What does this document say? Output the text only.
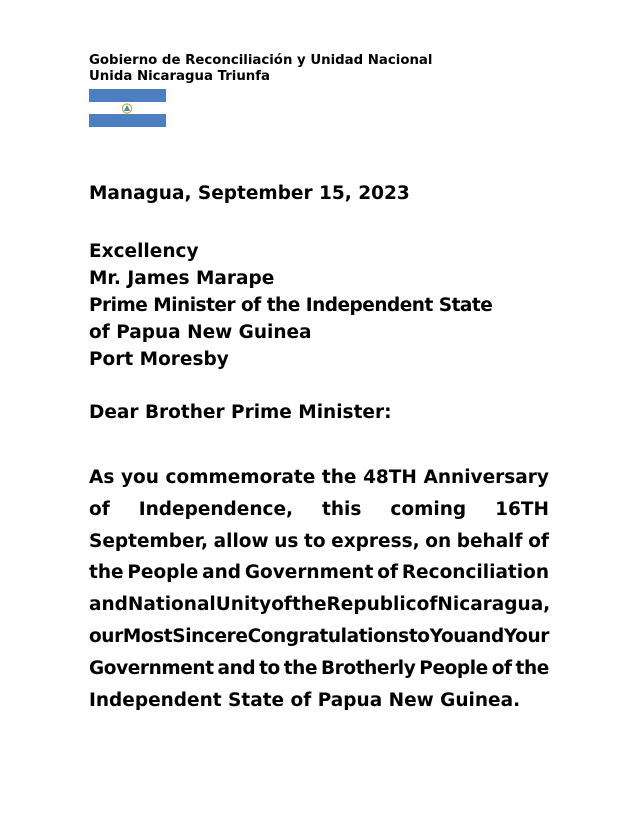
Gobierno de Reconciliación y Unidad Nacional
Unida Nicaragua Triunfa
Managua, September 15, 2023
Excellency
Mr. James Marape
Prime Minister of the Independent State
of Papua New Guinea
Port Moresby
Dear Brother Prime Minister:
As you commemorate the 48TH Anniversary
of Independence, this coming 16TH
September, allow us to express, on behalf of
the People and Government of Reconciliation
and National Unity of the Republic of Nicaragua,
our Most Sincere Congratulations to You and Your
Government and to the Brotherly People of the
Independent State of Papua New Guinea.
